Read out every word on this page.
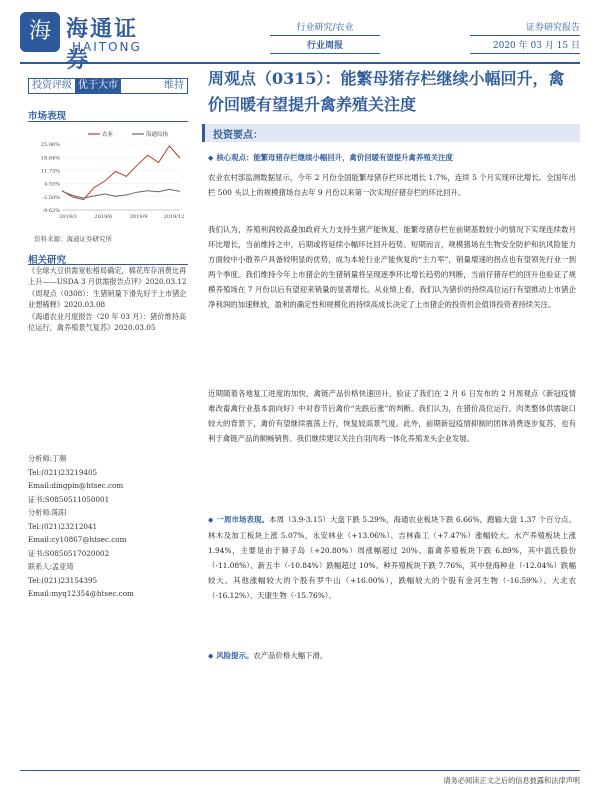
海 海通证券
HAITONG
行业研究/农业
行业周报
证券研究报告
2020 年 03 月 15 日
投资评级 优于大市	维持
市场表现
农业	海通综指
25.96%
18.64%
11.73%
4.55%
-2.50%
-9.62%
2019/3	2019/6	2019/9	2019/12
资料来源：海通证券研究所
相关研究

《全球大豆供需宽松格局确定，棉花库存消费比再上升——USDA 3 月供需报告点评》2020.03.12

《周观点（0308）：生猪销量下滑先好于上市猪企业想稀释》2020.03.08

《海通农业月度报告（20 年 03 月）：猪价维持高位运行，禽养殖景气复苏》2020.03.05

分析师:丁频
Tel:(021)23219405
Email:dingpin@htsec.com
证书:S0850511050001
分析师:陈阳
Tel:(021)23212041
Email:cy10867@htsec.com
证书:S0850517020002
联系人:孟亚琦
Tel:(021)23154395
Email:myq12354@htsec.com
周观点（0315）：能繁母猪存栏继续小幅回升，禽价回暖有望提升禽养殖关注度
投资要点：
◆ 核心观点：能繁母猪存栏继续小幅回升，禽价回暖有望提升禽养殖关注度
农业农村部监测数据显示，今年 2 月份全国能繁母猪存栏环比增长 1.7%，连续 5 个月实现环比增长。全国年出栏 500 头以上的规模猪场自去年 9 月份以来第一次实现仔猪存栏的环比回升。
我们认为，养殖利润较高叠加政府大力支持生猪产能恢复，能繁母猪存栏在前期基数较小的情况下实现连续数月环比增长，当前维持之中，后期或将延续小幅环比回升趋势。短期而言，规模猪场在生物安全防护和抗风险能力方面较中小散养户具备较明显的优势，成为本轮行业产能恢复的“主力军”，销量增速的拐点也有望领先行业一到两个季度。我们维持今年上市猪企的生猪销量将呈现逐季环比增长趋势的判断，当前仔猪存栏的回升也验证了规模养殖场在 7 月份以后有望迎来销量的显著增长。从业绩上看，我们认为猪价的持续高位运行有望推动上市猪企净利润的加速释放，盈利的确定性和规模化的持续高成长决定了上市猪企的投资机会值得投资者持续关注。
近期随着各地复工进度的加快，禽链产品价格快速回升，验证了我们在 2 月 6 日发布的 2 月周观点《新冠疫情难改畜禽行业基本面向好》中对春节后禽价“先跌后涨”的判断。我们认为，在猪价高位运行、肉类整体供需缺口较大的背景下，禽价有望继续震荡上行，恢复较高景气度。此外，前期新冠疫情抑制的团体消费逐步复苏，也有利于禽链产品的顺畅销售。我们继续建议关注白羽肉鸡一体化养殖龙头企业发展。
◆ 一周市场表现。本周（3.9-3.15）大盘下跌 5.29%，海通农业板块下跌 6.66%，跑输大盘 1.37 个百分点。林木及加工板块上涨 5.07%，永安林业（+13.06%）、吉林森工（+7.47%）涨幅较大。水产养殖板块上涨 1.94%，主要是由于獐子岛（+20.80%）周涨幅超过 20%。畜禽养殖板块下跌 6.89%，其中温氏股份（-11.08%）、新五丰（-10.84%）跌幅超过 10%。种养殖板块下跌 7.76%，其中登海种业（-12.04%）跌幅较大。其他涨幅较大的个股有罗牛山（+16.00%），跌幅较大的个股有金河生物（-16.59%）、大北农（-16.12%）、天康生物（-15.76%）。
◆ 风险提示。农产品价格大幅下滑。
请务必阅读正文之后的信息披露和法律声明
